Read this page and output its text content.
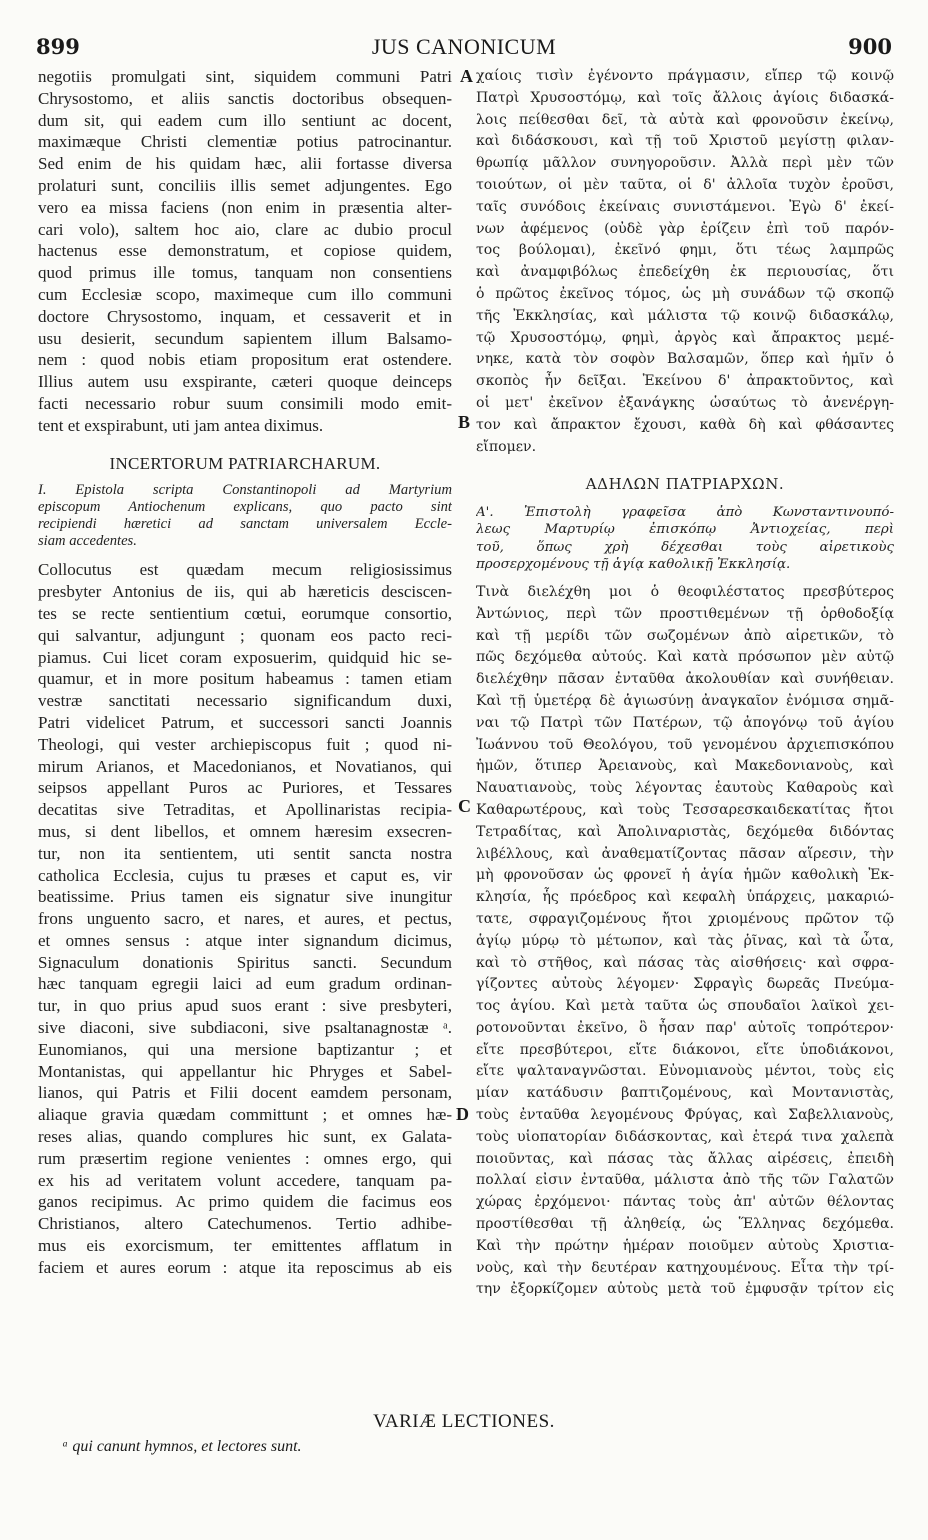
899	JUS CANONICUM	900
negotiis promulgati sint, siquidem communi Patri
Chrysostomo, et aliis sanctis doctoribus obsequen-
dum sit, qui eadem cum illo sentiunt ac docent,
maximæque Christi clementiæ potius patrocinantur.
Sed enim de his quidam hæc, alii fortasse diversa
prolaturi sunt, conciliis illis semet adjungentes. Ego
vero ea missa faciens (non enim in præsentia alter-
cari volo), saltem hoc aio, clare ac dubio procul
hactenus esse demonstratum, et copiose quidem,
quod primus ille tomus, tanquam non consentiens
cum Ecclesiæ scopo, maximeque cum illo communi
doctore Chrysostomo, inquam, et cessaverit et in
usu desierit, secundum sapientem illum Balsamo-
nem : quod nobis etiam propositum erat ostendere.
Illius autem usu exspirante, cæteri quoque deinceps
facti necessario robur suum consimili modo emit-
tent et exspirabunt, uti jam antea diximus.
INCERTORUM PATRIARCHARUM.
I. Epistola scripta Constantinopoli ad Martyrium
episcopum Antiochenum explicans, quo pacto sint
recipiendi hæretici ad sanctam universalem Eccle-
siam accedentes.
Collocutus est quædam mecum religiosissimus
presbyter Antonius de iis, qui ab hæreticis desciscen-
tes se recte sentientium cœtui, eorumque consortio,
qui salvantur, adjungunt ; quonam eos pacto reci-
piamus. Cui licet coram exposuerim, quidquid hic se-
quamur, et in more positum habeamus : tamen etiam
vestræ sanctitati necessario significandum duxi,
Patri videlicet Patrum, et successori sancti Joannis
Theologi, qui vester archiepiscopus fuit ; quod ni-
mirum Arianos, et Macedonianos, et Novatianos, qui
seipsos appellant Puros ac Puriores, et Tessares
decatitas sive Tetraditas, et Apollinaristas recipia-
mus, si dent libellos, et omnem hæresim exsecren-
tur, non ita sentientem, uti sentit sancta nostra
catholica Ecclesia, cujus tu præses et caput es, vir
beatissime. Prius tamen eis signatur sive inungitur
frons unguento sacro, et nares, et aures, et pectus,
et omnes sensus : atque inter signandum dicimus,
Signaculum donationis Spiritus sancti. Secundum
hæc tanquam egregii laici ad eum gradum ordinan-
tur, in quo prius apud suos erant : sive presbyteri,
sive diaconi, sive subdiaconi, sive psaltanagnostæ ᵃ.
Eunomianos, qui una mersione baptizantur ; et
Montanistas, qui appellantur hic Phryges et Sabel-
lianos, qui Patris et Filii docent eamdem personam,
aliaque gravia quædam committunt ; et omnes hæ-
reses alias, quando complures hic sunt, ex Galata-
rum præsertim regione venientes : omnes ergo, qui
ex his ad veritatem volunt accedere, tanquam pa-
ganos recipimus. Ac primo quidem die facimus eos
Christianos, altero Catechumenos. Tertio adhibe-
mus eis exorcismum, ter emittentes afflatum in
faciem et aures eorum : atque ita reposcimus ab eis
χαίοις τισὶν ἐγένοντο πράγμασιν, εἴπερ τῷ κοινῷ
Πατρὶ Χρυσοστόμῳ, καὶ τοῖς ἄλλοις ἁγίοις διδασκά-
λοις πείθεσθαι δεῖ, τὰ αὐτὰ καὶ φρονοῦσιν ἐκείνῳ,
καὶ διδάσκουσι, καὶ τῇ τοῦ Χριστοῦ μεγίστῃ φιλαν-
θρωπίᾳ μᾶλλον συνηγοροῦσιν. Ἀλλὰ περὶ μὲν τῶν
τοιούτων, οἱ μὲν ταῦτα, οἱ δ' ἀλλοῖα τυχὸν ἐροῦσι,
ταῖς συνόδοις ἐκείναις συνιστάμενοι. Ἐγὼ δ' ἐκεί-
νων ἀφέμενος (οὐδὲ γὰρ ἐρίζειν ἐπὶ τοῦ παρόν-
τος βούλομαι), ἐκεῖνό φημι, ὅτι τέως λαμπρῶς
καὶ ἀναμφιβόλως ἐπεδείχθη ἐκ περιουσίας, ὅτι
ὁ πρῶτος ἐκεῖνος τόμος, ὡς μὴ συνάδων τῷ σκοπῷ
τῆς Ἐκκλησίας, καὶ μάλιστα τῷ κοινῷ διδασκάλῳ,
τῷ Χρυσοστόμῳ, φημὶ, ἀργὸς καὶ ἄπρακτος μεμέ-
νηκε, κατὰ τὸν σοφὸν Βαλσαμῶν, ὅπερ καὶ ἡμῖν ὁ
σκοπὸς ἦν δεῖξαι. Ἐκείνου δ' ἀπρακτοῦντος, καὶ
οἱ μετ' ἐκεῖνον ἐξανάγκης ὡσαύτως τὸ ἀνενέργη-
τον καὶ ἄπρακτον ἔχουσι, καθὰ δὴ καὶ φθάσαντες
εἴπομεν.
ΑΔΗΛΩΝ ΠΑΤΡΙΑΡΧΩΝ.
Α'. Ἐπιστολὴ γραφεῖσα ἀπὸ Κωνσταντινουπό-
λεως Μαρτυρίῳ ἐπισκόπῳ Ἀντιοχείας, περὶ
τοῦ, ὅπως χρὴ δέχεσθαι τοὺς αἱρετικοὺς
προσερχομένους τῇ ἁγίᾳ καθολικῇ Ἐκκλησίᾳ.
Τινὰ διελέχθη μοι ὁ θεοφιλέστατος πρεσβύτερος
Ἀντώνιος, περὶ τῶν προστιθεμένων τῇ ὀρθοδοξίᾳ
καὶ τῇ μερίδι τῶν σωζομένων ἀπὸ αἱρετικῶν, τὸ
πῶς δεχόμεθα αὐτούς. Καὶ κατὰ πρόσωπον μὲν αὐτῷ
διελέχθην πᾶσαν ἐνταῦθα ἀκολουθίαν καὶ συνήθειαν.
Καὶ τῇ ὑμετέρᾳ δὲ ἁγιωσύνῃ ἀναγκαῖον ἐνόμισα σημᾶ-
ναι τῷ Πατρὶ τῶν Πατέρων, τῷ ἀπογόνῳ τοῦ ἁγίου
Ἰωάννου τοῦ Θεολόγου, τοῦ γενομένου ἀρχιεπισκόπου
ἡμῶν, ὅτιπερ Ἀρειανοὺς, καὶ Μακεδονιανοὺς, καὶ
Ναυατιανοὺς, τοὺς λέγοντας ἑαυτοὺς Καθαροὺς καὶ
Καθαρωτέρους, καὶ τοὺς Τεσσαρεσκαιδεκατίτας ἤτοι
Τετραδίτας, καὶ Ἀπολιναριστὰς, δεχόμεθα διδόντας
λιβέλλους, καὶ ἀναθεματίζοντας πᾶσαν αἵρεσιν, τὴν
μὴ φρονοῦσαν ὡς φρονεῖ ἡ ἁγία ἡμῶν καθολικὴ Ἐκ-
κλησία, ἧς πρόεδρος καὶ κεφαλὴ ὑπάρχεις, μακαριώ-
τατε, σφραγιζομένους ἤτοι χριομένους πρῶτον τῷ
ἁγίῳ μύρῳ τὸ μέτωπον, καὶ τὰς ῥῖνας, καὶ τὰ ὦτα,
καὶ τὸ στῆθος, καὶ πάσας τὰς αἰσθήσεις· καὶ σφρα-
γίζοντες αὐτοὺς λέγομεν· Σφραγὶς δωρεᾶς Πνεύμα-
τος ἁγίου. Καὶ μετὰ ταῦτα ὡς σπουδαῖοι λαϊκοὶ χει-
ροτονοῦνται ἐκεῖνο, ὃ ἦσαν παρ' αὐτοῖς τοπρότερον·
εἴτε πρεσβύτεροι, εἴτε διάκονοι, εἴτε ὑποδιάκονοι,
εἴτε ψαλταναγνῶσται. Εὐνομιανοὺς μέντοι, τοὺς εἰς
μίαν κατάδυσιν βαπτιζομένους, καὶ Μοντανιστὰς,
τοὺς ἐνταῦθα λεγομένους Φρύγας, καὶ Σαβελλιανοὺς,
τοὺς υἱοπατορίαν διδάσκοντας, καὶ ἑτερά τινα χαλεπὰ
ποιοῦντας, καὶ πάσας τὰς ἄλλας αἱρέσεις, ἐπειδὴ
πολλαί εἰσιν ἐνταῦθα, μάλιστα ἀπὸ τῆς τῶν Γαλατῶν
χώρας ἐρχόμενοι· πάντας τοὺς ἀπ' αὐτῶν θέλοντας
προστίθεσθαι τῇ ἀληθείᾳ, ὡς Ἕλληνας δεχόμεθα.
Καὶ τὴν πρώτην ἡμέραν ποιοῦμεν αὐτοὺς Χριστια-
νοὺς, καὶ τὴν δευτέραν κατηχουμένους. Εἶτα τὴν τρί-
την ἐξορκίζομεν αὐτοὺς μετὰ τοῦ ἐμφυσᾷν τρίτον εἰς
A
B
C
D
VARIÆ LECTIONES.
ᵃ qui canunt hymnos, et lectores sunt.
